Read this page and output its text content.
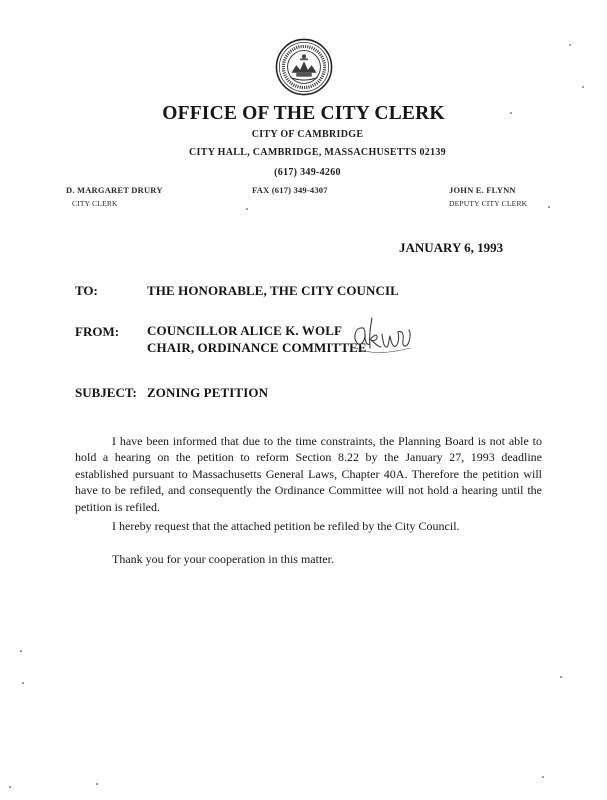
OFFICE OF THE CITY CLERK
CITY OF CAMBRIDGE
CITY HALL, CAMBRIDGE, MASSACHUSETTS 02139
(617) 349-4260
D. MARGARET DRURY
CITY CLERK
FAX (617) 349-4307	JOHN E. FLYNN
DEPUTY CITY CLERK
JANUARY 6, 1993
TO:	THE HONORABLE, THE CITY COUNCIL
FROM: COUNCILLOR ALICE K. WOLF
CHAIR, ORDINANCE COMMITTEE
SUBJECT: ZONING PETITION
I have been informed that due to the time constraints, the Planning Board is not able to hold a hearing on the petition to reform Section 8.22 by the January 27, 1993 deadline established pursuant to Massachusetts General Laws, Chapter 40A. Therefore the petition will have to be refiled, and consequently the Ordinance Committee will not hold a hearing until the petition is refiled.
I hereby request that the attached petition be refiled by the City Council.
Thank you for your cooperation in this matter.
